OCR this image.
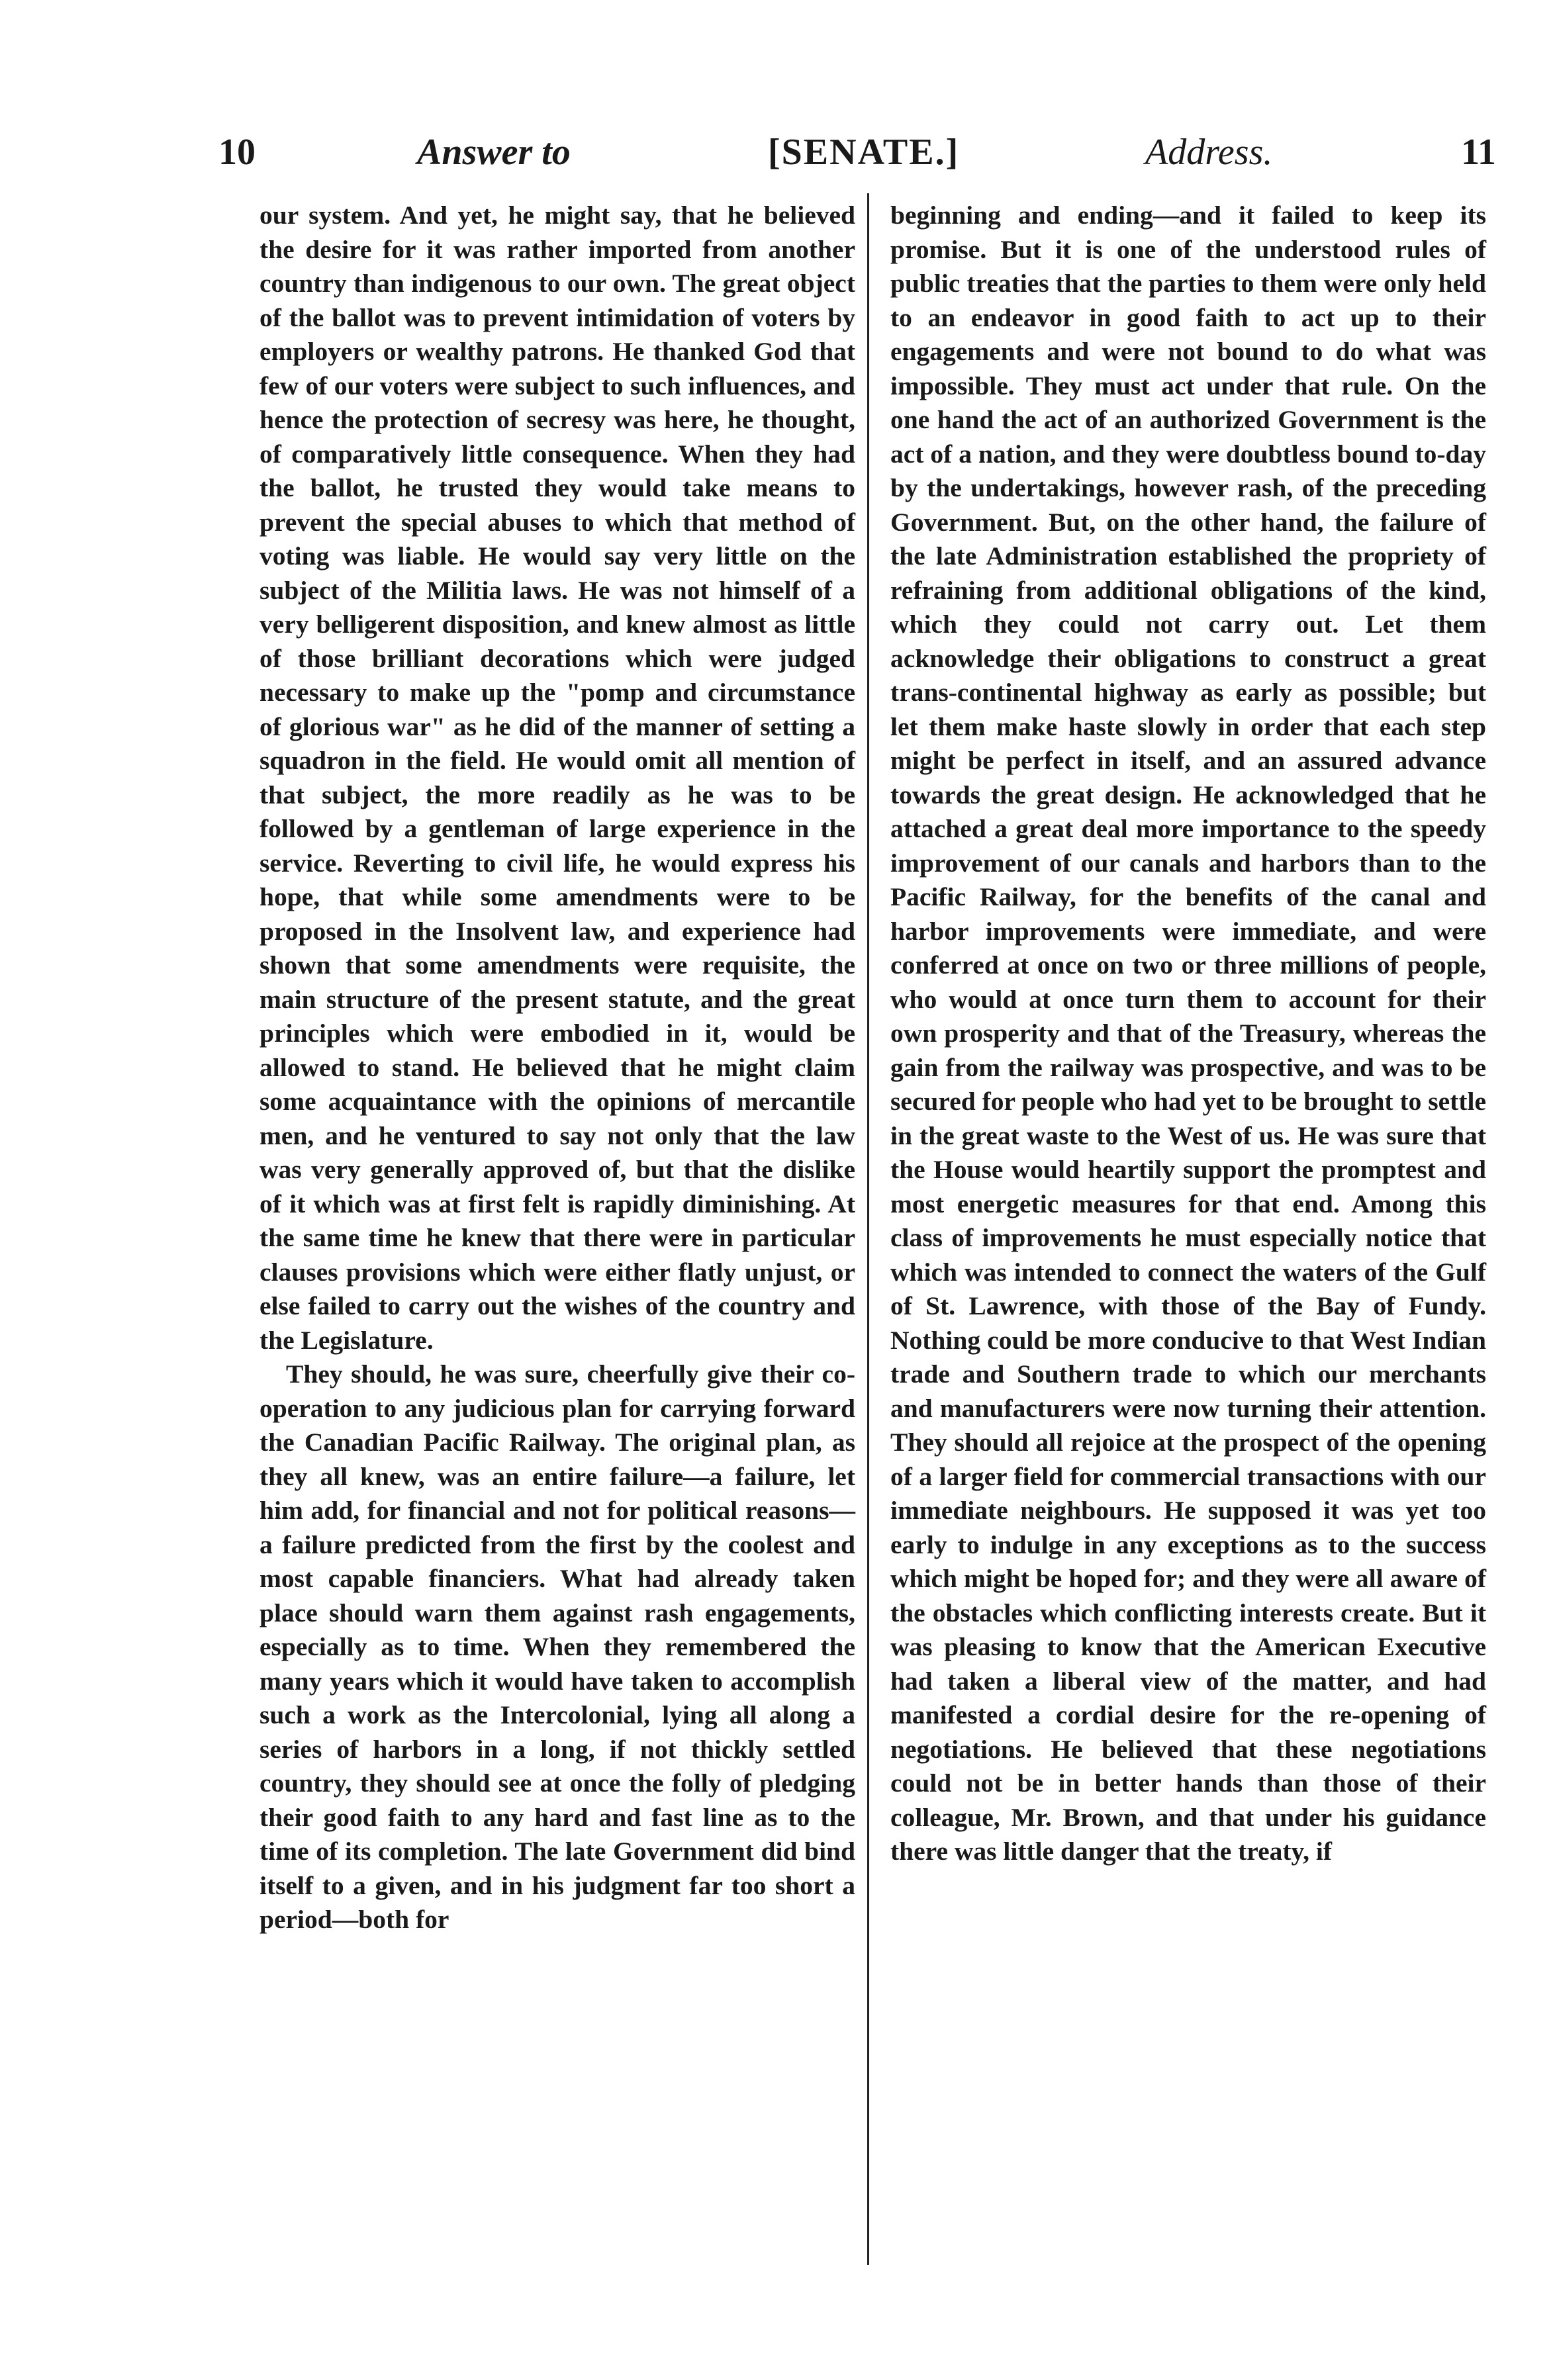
10	Answer to	[SENATE.]	Address.	11

our system. And yet, he might say, that he believed the desire for it was rather imported from another country than indigenous to our own. The great object of the ballot was to prevent intimidation of voters by employers or wealthy patrons. He thanked God that few of our voters were subject to such influences, and hence the protection of secresy was here, he thought, of comparatively little consequence. When they had the ballot, he trusted they would take means to prevent the special abuses to which that method of voting was liable. He would say very little on the subject of the Militia laws. He was not himself of a very belligerent disposition, and knew almost as little of those brilliant decorations which were judged necessary to make up the "pomp and circumstance of glorious war" as he did of the manner of setting a squadron in the field. He would omit all mention of that subject, the more readily as he was to be followed by a gentleman of large experience in the service. Reverting to civil life, he would express his hope, that while some amendments were to be proposed in the Insolvent law, and experience had shown that some amendments were requisite, the main structure of the present statute, and the great principles which were embodied in it, would be allowed to stand. He believed that he might claim some acquaintance with the opinions of mercantile men, and he ventured to say not only that the law was very generally approved of, but that the dislike of it which was at first felt is rapidly diminishing. At the same time he knew that there were in particular clauses provisions which were either flatly unjust, or else failed to carry out the wishes of the country and the Legislature.

They should, he was sure, cheerfully give their co-operation to any judicious plan for carrying forward the Canadian Pacific Railway. The original plan, as they all knew, was an entire failure—a failure, let him add, for financial and not for political reasons—a failure predicted from the first by the coolest and most capable financiers. What had already taken place should warn them against rash engagements, especially as to time. When they remembered the many years which it would have taken to accomplish such a work as the Intercolonial, lying all along a series of harbors in a long, if not thickly settled country, they should see at once the folly of pledging their good faith to any hard and fast line as to the time of its completion. The late Government did bind itself to a given, and in his judgment far too short a period—both for

beginning and ending—and it failed to keep its promise. But it is one of the understood rules of public treaties that the parties to them were only held to an endeavor in good faith to act up to their engagements and were not bound to do what was impossible. They must act under that rule. On the one hand the act of an authorized Government is the act of a nation, and they were doubtless bound to-day by the undertakings, however rash, of the preceding Government. But, on the other hand, the failure of the late Administration established the propriety of refraining from additional obligations of the kind, which they could not carry out. Let them acknowledge their obligations to construct a great trans-continental highway as early as possible; but let them make haste slowly in order that each step might be perfect in itself, and an assured advance towards the great design. He acknowledged that he attached a great deal more importance to the speedy improvement of our canals and harbors than to the Pacific Railway, for the benefits of the canal and harbor improvements were immediate, and were conferred at once on two or three millions of people, who would at once turn them to account for their own prosperity and that of the Treasury, whereas the gain from the railway was prospective, and was to be secured for people who had yet to be brought to settle in the great waste to the West of us. He was sure that the House would heartily support the promptest and most energetic measures for that end. Among this class of improvements he must especially notice that which was intended to connect the waters of the Gulf of St. Lawrence, with those of the Bay of Fundy. Nothing could be more conducive to that West Indian trade and Southern trade to which our merchants and manufacturers were now turning their attention. They should all rejoice at the prospect of the opening of a larger field for commercial transactions with our immediate neighbours. He supposed it was yet too early to indulge in any exceptions as to the success which might be hoped for; and they were all aware of the obstacles which conflicting interests create. But it was pleasing to know that the American Executive had taken a liberal view of the matter, and had manifested a cordial desire for the re-opening of negotiations. He believed that these negotiations could not be in better hands than those of their colleague, Mr. Brown, and that under his guidance there was little danger that the treaty, if
